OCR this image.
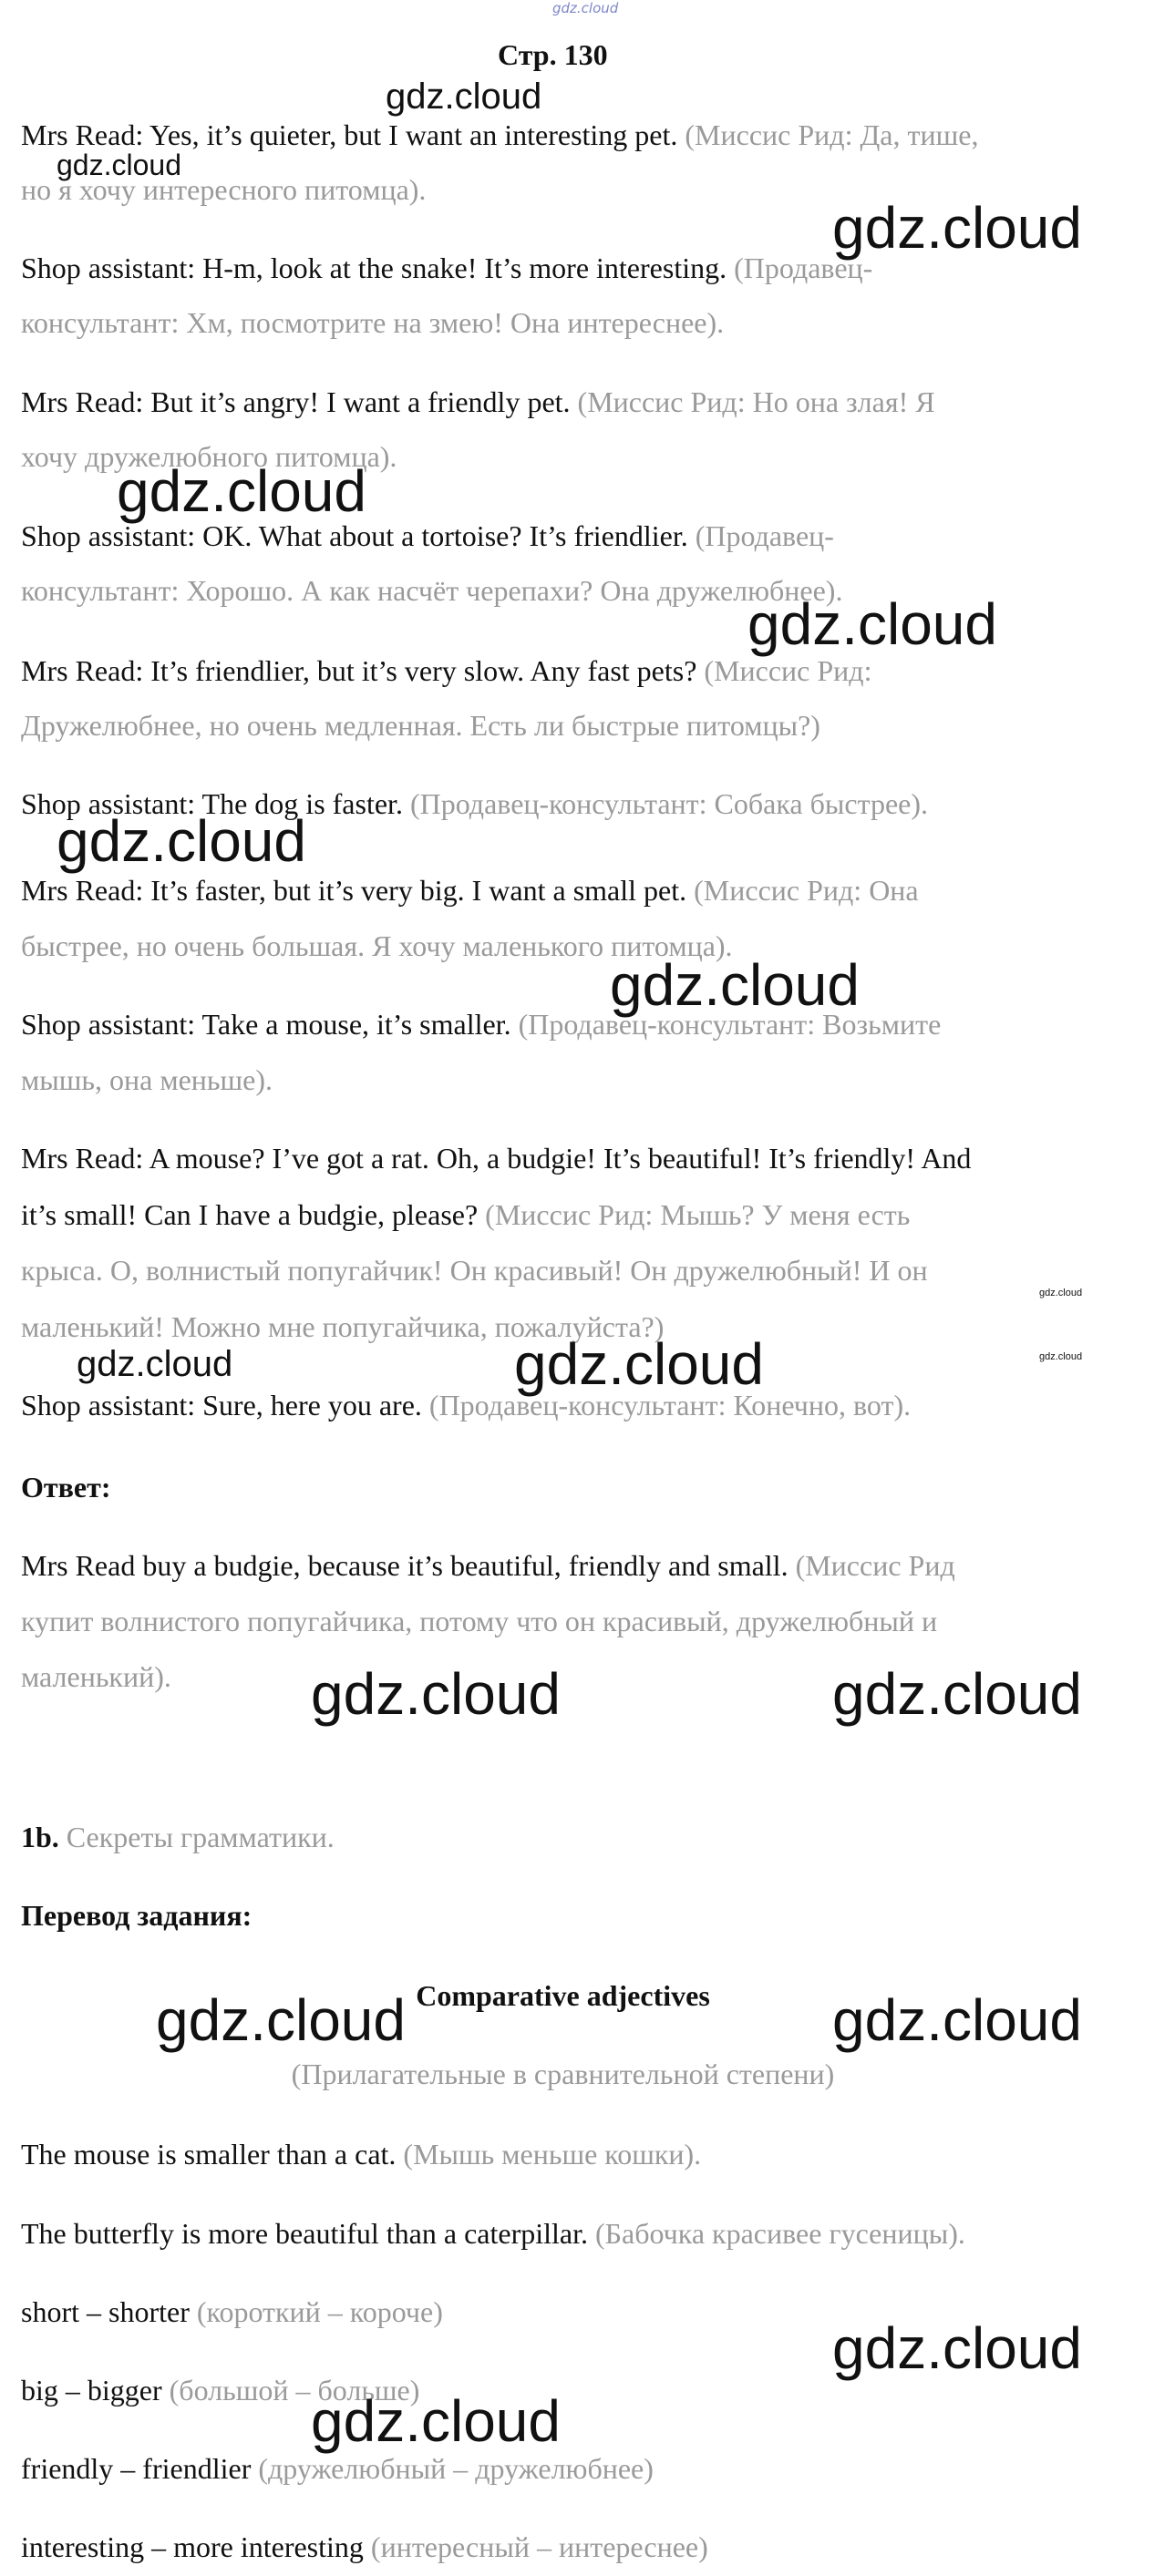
gdz.cloud
Стр. 130
Mrs Read: Yes, it’s quieter, but I want an interesting pet. (Миссис Рид: Да, тише,
но я хочу интересного питомца).
Shop assistant: H-m, look at the snake! It’s more interesting. (Продавец-
консультант: Хм, посмотрите на змею! Она интереснее).
Mrs Read: But it’s angry! I want a friendly pet. (Миссис Рид: Но она злая! Я
хочу дружелюбного питомца).
Shop assistant: OK. What about a tortoise? It’s friendlier. (Продавец-
консультант: Хорошо. А как насчёт черепахи? Она дружелюбнее).
Mrs Read: It’s friendlier, but it’s very slow. Any fast pets? (Миссис Рид:
Дружелюбнее, но очень медленная. Есть ли быстрые питомцы?)
Shop assistant: The dog is faster. (Продавец-консультант: Собака быстрее).
Mrs Read: It’s faster, but it’s very big. I want a small pet. (Миссис Рид: Она
быстрее, но очень большая. Я хочу маленького питомца).
Shop assistant: Take a mouse, it’s smaller. (Продавец-консультант: Возьмите
мышь, она меньше).
Mrs Read: A mouse? I’ve got a rat. Oh, a budgie! It’s beautiful! It’s friendly! And
it’s small! Can I have a budgie, please? (Миссис Рид: Мышь? У меня есть
крыса. О, волнистый попугайчик! Он красивый! Он дружелюбный! И он
маленький! Можно мне попугайчика, пожалуйста?)
Shop assistant: Sure, here you are. (Продавец-консультант: Конечно, вот).
Ответ:
Mrs Read buy a budgie, because it’s beautiful, friendly and small. (Миссис Рид
купит волнистого попугайчика, потому что он красивый, дружелюбный и
маленький).
1b. Секреты грамматики.
Перевод задания:
Comparative adjectives
(Прилагательные в сравнительной степени)
The mouse is smaller than a cat. (Мышь меньше кошки).
The butterfly is more beautiful than a caterpillar. (Бабочка красивее гусеницы).
short – shorter (короткий – короче)
big – bigger (большой – больше)
friendly – friendlier (дружелюбный – дружелюбнее)
interesting – more interesting (интересный – интереснее)
gdz.cloud
gdz.cloud
gdz.cloud
gdz.cloud
gdz.cloud
gdz.cloud
gdz.cloud
gdz.cloud
gdz.cloud
gdz.cloud	gdz.cloud
gdz.cloud	gdz.cloud
gdz.cloud	gdz.cloud
gdz.cloud
gdz.cloud
